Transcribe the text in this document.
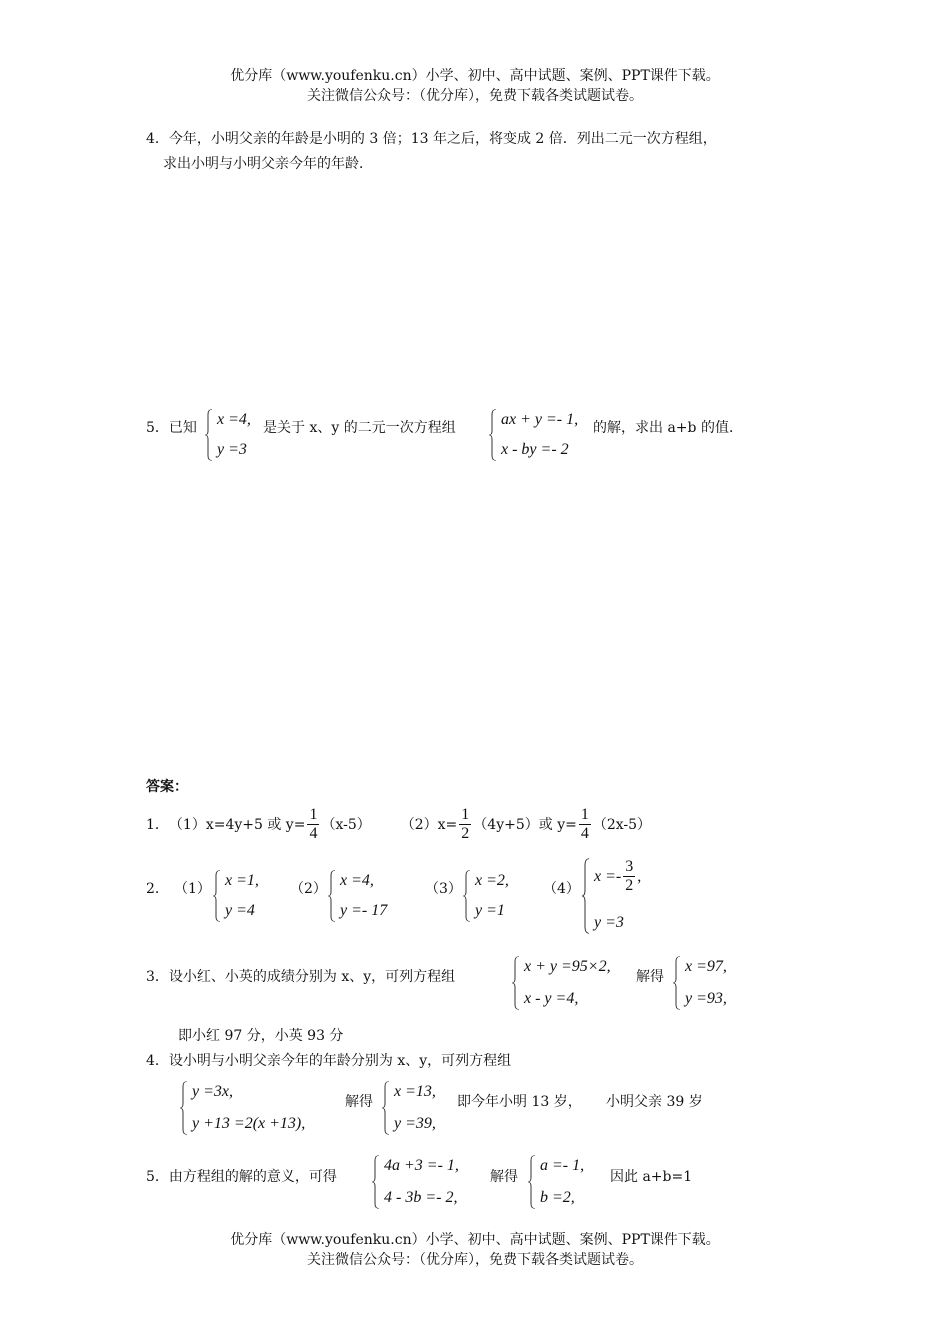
优分库（www.youfenku.cn）小学、初中、高中试题、案例、PPT课件下载。
关注微信公众号：（优分库），免费下载各类试题试卷。
4．今年，小明父亲的年龄是小明的 3 倍；13 年之后，将变成 2 倍．列出二元一次方程组，
求出小明与小明父亲今年的年龄．
5．已知 x =4,
y =3
是关于 x、y 的二元一次方程组	ax + y =- 1,
x - by =- 2
的解，求出 a+b 的值．
答案：
1． （1）x=4y+5 或 $y= \frac{1}{4} (x-5)$ $(2)x= \frac{1}{2} (4y+5)$或 $y= \frac{1}{4} (2x-5)$
2． （1） x =1,
y =4
（2） x =4,
y =- 17
（3） x =2,
y =1
（4）
$x =- \frac{3}{2}$ ,
y =3
3．设小红、小英的成绩分别为 x、y，可列方程组
x + y =95×2,
x - y =4,
解得
x =97,
y =93,
即小红 97 分，小英 93 分
4．设小明与小明父亲今年的年龄分别为 x、y，可列方程组
y =3x,
y +13 =2(x +13),
解得
x =13,
y =39,
即今年小明 13 岁， 小明父亲 39 岁
5．由方程组的解的意义，可得
4a +3 =- 1,
4 - 3b =- 2,
解得
a =- 1,
b =2,
因此 a+b=1
优分库（www.youfenku.cn）小学、初中、高中试题、案例、PPT课件下载。
关注微信公众号：（优分库），免费下载各类试题试卷。
